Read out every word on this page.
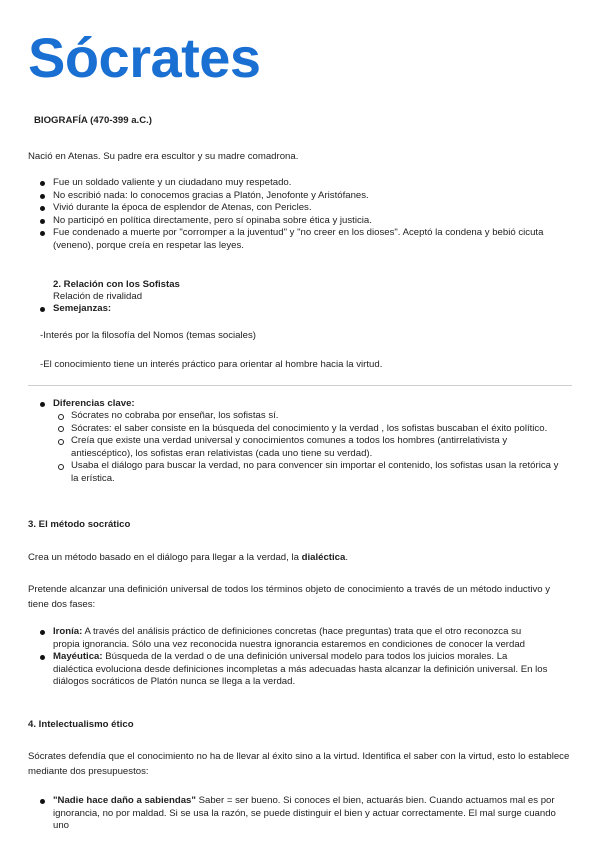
Sócrates
BIOGRAFÍA (470-399 a.C.)
Nació en Atenas. Su padre era escultor y su madre comadrona.
Fue un soldado valiente y un ciudadano muy respetado.
No escribió nada: lo conocemos gracias a Platón, Jenofonte y Aristófanes.
Vivió durante la época de esplendor de Atenas, con Pericles.
No participó en política directamente, pero sí opinaba sobre ética y justicia.
Fue condenado a muerte por "corromper a la juventud" y "no creer en los dioses". Aceptó la condena y bebió cicuta (veneno), porque creía en respetar las leyes.
2. Relación con los Sofistas
Relación de rivalidad
Semejanzas:
-Interés por la filosofía del Nomos (temas sociales)
-El conocimiento tiene un interés práctico para orientar al hombre hacia la virtud.
Diferencias clave:
Sócrates no cobraba por enseñar, los sofistas sí.
Sócrates: el saber consiste en la búsqueda del conocimiento y la verdad , los sofistas buscaban el éxito político.
Creía que existe una verdad universal y conocimientos comunes a todos los hombres (antirrelativista y antiescéptico), los sofistas eran relativistas (cada uno tiene su verdad).
Usaba el diálogo para buscar la verdad, no para convencer sin importar el contenido, los sofistas usan la retórica y la erística.
3. El método socrático
Crea un método basado en el diálogo para llegar a la verdad, la dialéctica.
Pretende alcanzar una definición universal de todos los términos objeto de conocimiento a través de un método inductivo y tiene dos fases:
Ironía: A través del análisis práctico de definiciones concretas (hace preguntas) trata que el otro reconozca su propia ignorancia. Sólo una vez reconocida nuestra ignorancia estaremos en condiciones de conocer la verdad
Mayéutica: Búsqueda de la verdad o de una definición universal modelo para todos los juicios morales. La dialéctica evoluciona desde definiciones incompletas a más adecuadas hasta alcanzar la definición universal. En los diálogos socráticos de Platón nunca se llega a la verdad.
4. Intelectualismo ético
Sócrates defendía que el conocimiento no ha de llevar al éxito sino a la virtud. Identifica el saber con la virtud, esto lo establece mediante dos presupuestos:
"Nadie hace daño a sabiendas" Saber = ser bueno. Si conoces el bien, actuarás bien. Cuando actuamos mal es por ignorancia, no por maldad. Si se usa la razón, se puede distinguir el bien y actuar correctamente. El mal surge cuando uno
